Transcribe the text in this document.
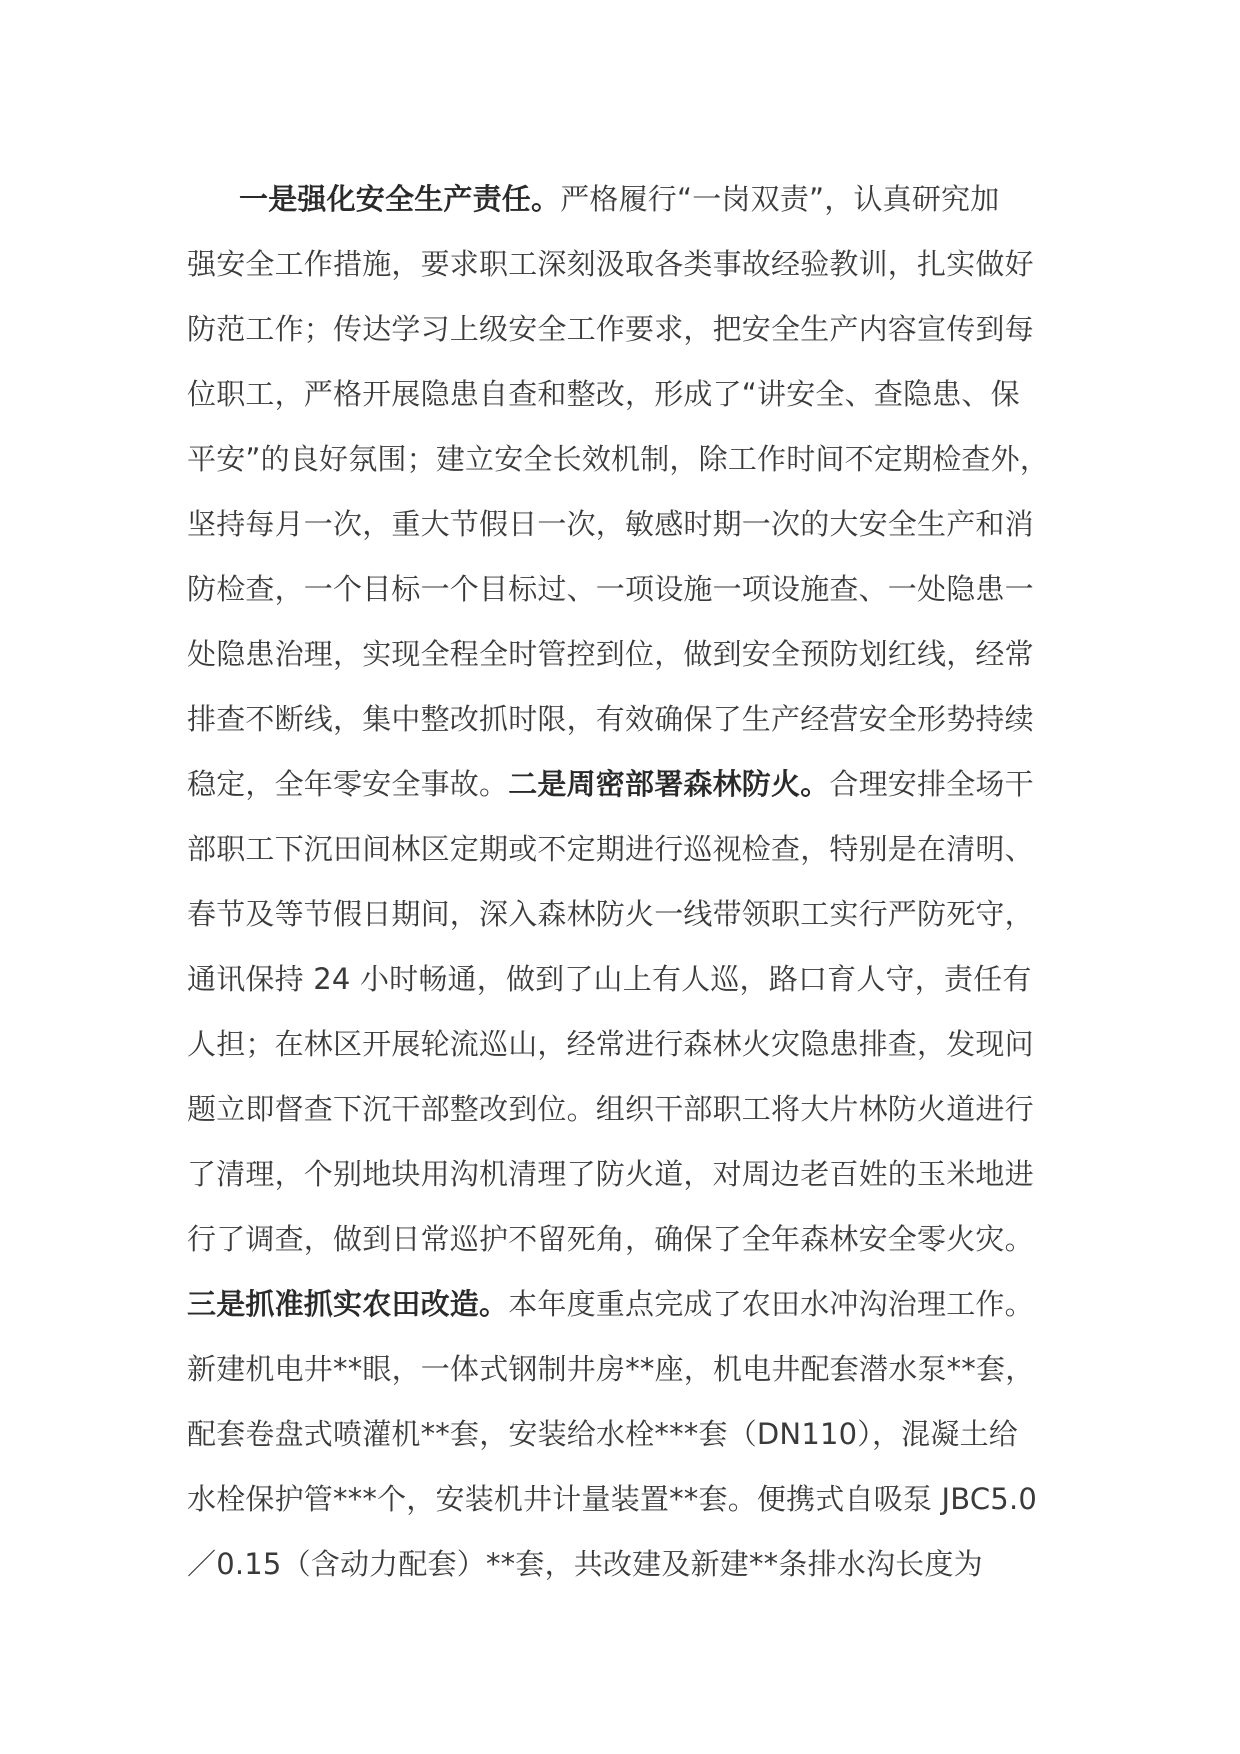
一是强化安全生产责任。严格履行“一岗双责”，认真研究加
强安全工作措施，要求职工深刻汲取各类事故经验教训，扎实做好
防范工作；传达学习上级安全工作要求，把安全生产内容宣传到每
位职工，严格开展隐患自查和整改，形成了“讲安全、查隐患、保
平安”的良好氛围；建立安全长效机制，除工作时间不定期检查外，
坚持每月一次，重大节假日一次，敏感时期一次的大安全生产和消
防检查，一个目标一个目标过、一项设施一项设施查、一处隐患一
处隐患治理，实现全程全时管控到位，做到安全预防划红线，经常
排查不断线，集中整改抓时限，有效确保了生产经营安全形势持续
稳定，全年零安全事故。二是周密部署森林防火。合理安排全场干
部职工下沉田间林区定期或不定期进行巡视检查，特别是在清明、
春节及等节假日期间，深入森林防火一线带领职工实行严防死守，
通讯保持 24 小时畅通，做到了山上有人巡，路口育人守，责任有
人担；在林区开展轮流巡山，经常进行森林火灾隐患排查，发现问
题立即督查下沉干部整改到位。组织干部职工将大片林防火道进行
了清理，个别地块用沟机清理了防火道，对周边老百姓的玉米地进
行了调查，做到日常巡护不留死角，确保了全年森林安全零火灾。
三是抓准抓实农田改造。本年度重点完成了农田水冲沟治理工作。
新建机电井**眼，一体式钢制井房**座，机电井配套潜水泵**套，
配套卷盘式喷灌机**套，安装给水栓***套（DN110），混凝土给
水栓保护管***个，安装机井计量装置**套。便携式自吸泵 JBC5.0
／0.15（含动力配套）**套，共改建及新建**条排水沟长度为
